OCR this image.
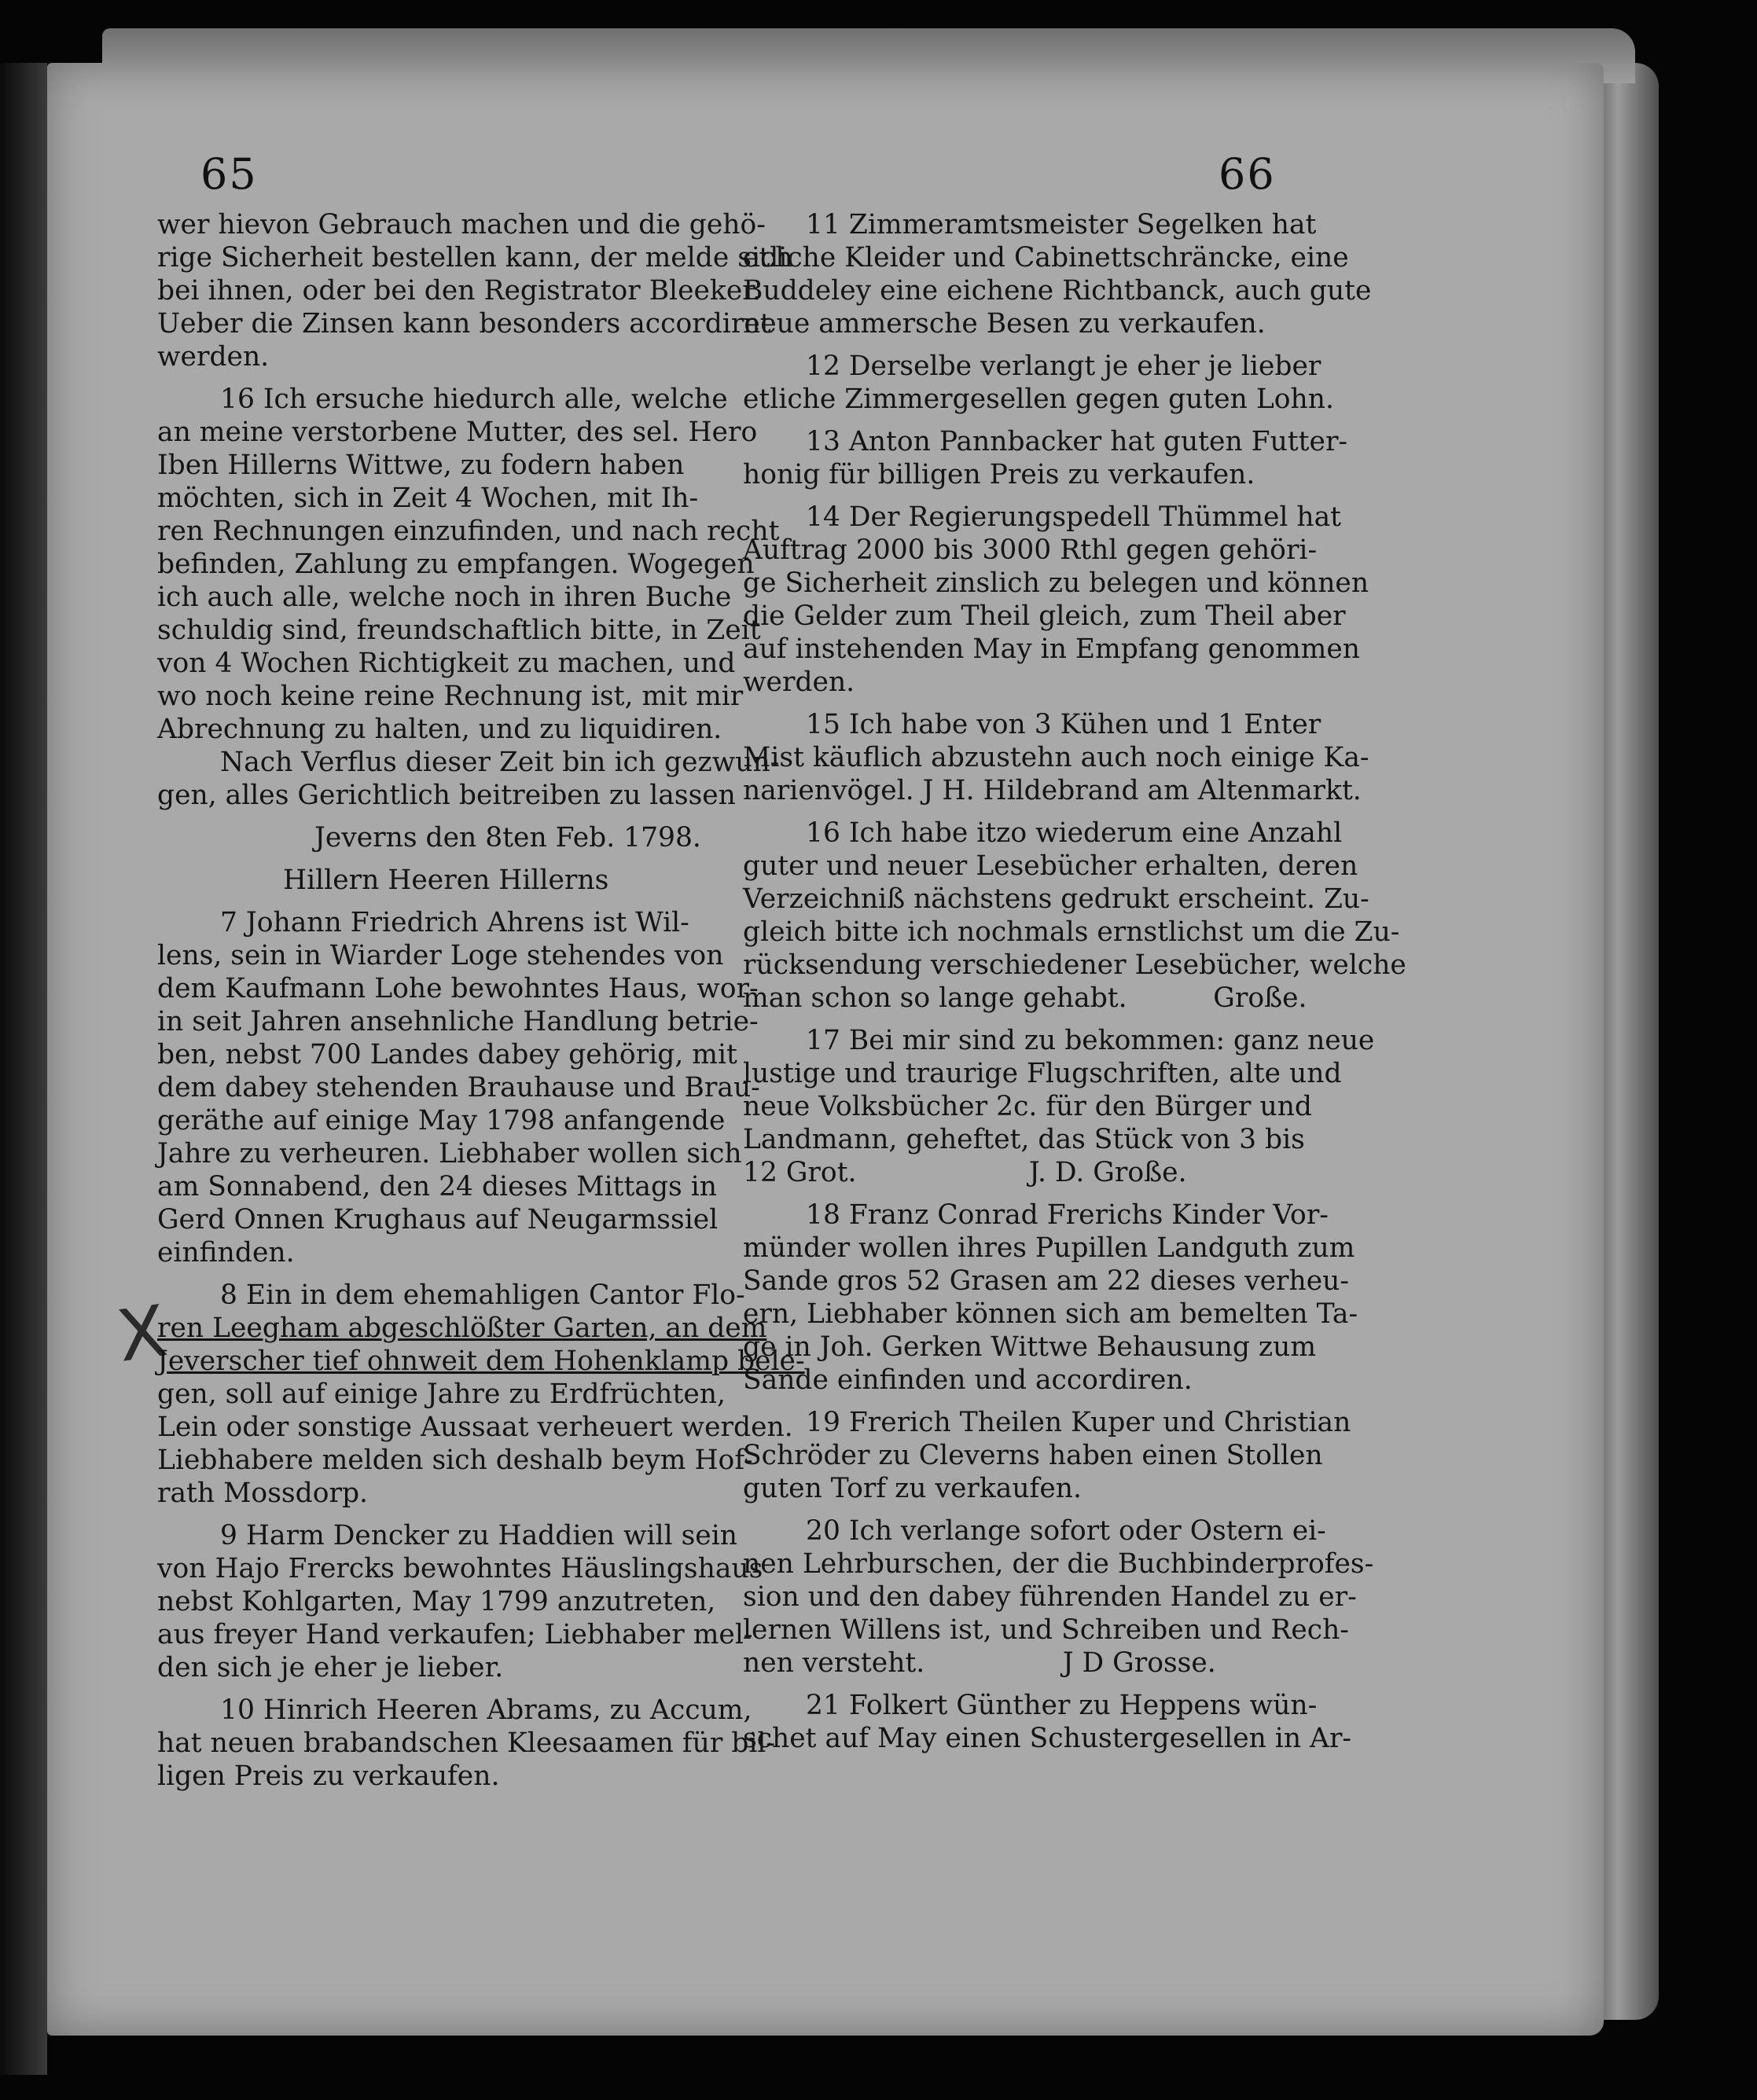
65	66
X
wer hievon Gebrauch machen und die gehö-
rige Sicherheit bestellen kann, der melde sich
bei ihnen, oder bei den Registrator Bleeker.
Ueber die Zinsen kann besonders accordiret
werden.
16 Ich ersuche hiedurch alle, welche
an meine verstorbene Mutter, des sel. Hero
Iben Hillerns Wittwe, zu fodern haben
möchten, sich in Zeit 4 Wochen, mit Ih-
ren Rechnungen einzufinden, und nach recht
befinden, Zahlung zu empfangen. Wogegen
ich auch alle, welche noch in ihren Buche
schuldig sind, freundschaftlich bitte, in Zeit
von 4 Wochen Richtigkeit zu machen, und
wo noch keine reine Rechnung ist, mit mir
Abrechnung zu halten, und zu liquidiren.
Nach Verflus dieser Zeit bin ich gezwun-
gen, alles Gerichtlich beitreiben zu lassen
Jeverns den 8ten Feb. 1798.
Hillern Heeren Hillerns
7 Johann Friedrich Ahrens ist Wil-
lens, sein in Wiarder Loge stehendes von
dem Kaufmann Lohe bewohntes Haus, wor-
in seit Jahren ansehnliche Handlung betrie-
ben, nebst 700 Landes dabey gehörig, mit
dem dabey stehenden Brauhause und Brau-
geräthe auf einige May 1798 anfangende
Jahre zu verheuren. Liebhaber wollen sich
am Sonnabend, den 24 dieses Mittags in
Gerd Onnen Krughaus auf Neugarmssiel
einfinden.
8 Ein in dem ehemahligen Cantor Flo-
ren Leegham abgeschlößter Garten, an dem
Jeverscher tief ohnweit dem Hohenklamp bele-
gen, soll auf einige Jahre zu Erdfrüchten,
Lein oder sonstige Aussaat verheuert werden.
Liebhabere melden sich deshalb beym Hof-
rath Mossdorp.
9 Harm Dencker zu Haddien will sein
von Hajo Frercks bewohntes Häuslingshaus
nebst Kohlgarten, May 1799 anzutreten,
aus freyer Hand verkaufen; Liebhaber mel-
den sich je eher je lieber.
10 Hinrich Heeren Abrams, zu Accum,
hat neuen brabandschen Kleesaamen für bil-
ligen Preis zu verkaufen.
11 Zimmeramtsmeister Segelken hat
etliche Kleider und Cabinettschräncke, eine
Buddeley eine eichene Richtbanck, auch gute
neue ammersche Besen zu verkaufen.
12 Derselbe verlangt je eher je lieber
etliche Zimmergesellen gegen guten Lohn.
13 Anton Pannbacker hat guten Futter-
honig für billigen Preis zu verkaufen.
14 Der Regierungspedell Thümmel hat
Auftrag 2000 bis 3000 Rthl gegen gehöri-
ge Sicherheit zinslich zu belegen und können
die Gelder zum Theil gleich, zum Theil aber
auf instehenden May in Empfang genommen
werden.
15 Ich habe von 3 Kühen und 1 Enter
Mist käuflich abzustehn auch noch einige Ka-
narienvögel. J H. Hildebrand am Altenmarkt.
16 Ich habe itzo wiederum eine Anzahl
guter und neuer Lesebücher erhalten, deren
Verzeichniß nächstens gedrukt erscheint. Zu-
gleich bitte ich nochmals ernstlichst um die Zu-
rücksendung verschiedener Lesebücher, welche
man schon so lange gehabt.          Große.
17 Bei mir sind zu bekommen: ganz neue
lustige und traurige Flugschriften, alte und
neue Volksbücher 2c. für den Bürger und
Landmann, geheftet, das Stück von 3 bis
12 Grot.                    J. D. Große.
18 Franz Conrad Frerichs Kinder Vor-
münder wollen ihres Pupillen Landguth zum
Sande gros 52 Grasen am 22 dieses verheu-
ern, Liebhaber können sich am bemelten Ta-
ge in Joh. Gerken Wittwe Behausung zum
Sande einfinden und accordiren.
19 Frerich Theilen Kuper und Christian
Schröder zu Cleverns haben einen Stollen
guten Torf zu verkaufen.
20 Ich verlange sofort oder Ostern ei-
nen Lehrburschen, der die Buchbinderprofes-
sion und den dabey führenden Handel zu er-
lernen Willens ist, und Schreiben und Rech-
nen versteht.                J D Grosse.
21 Folkert Günther zu Heppens wün-
schet auf May einen Schustergesellen in Ar-
